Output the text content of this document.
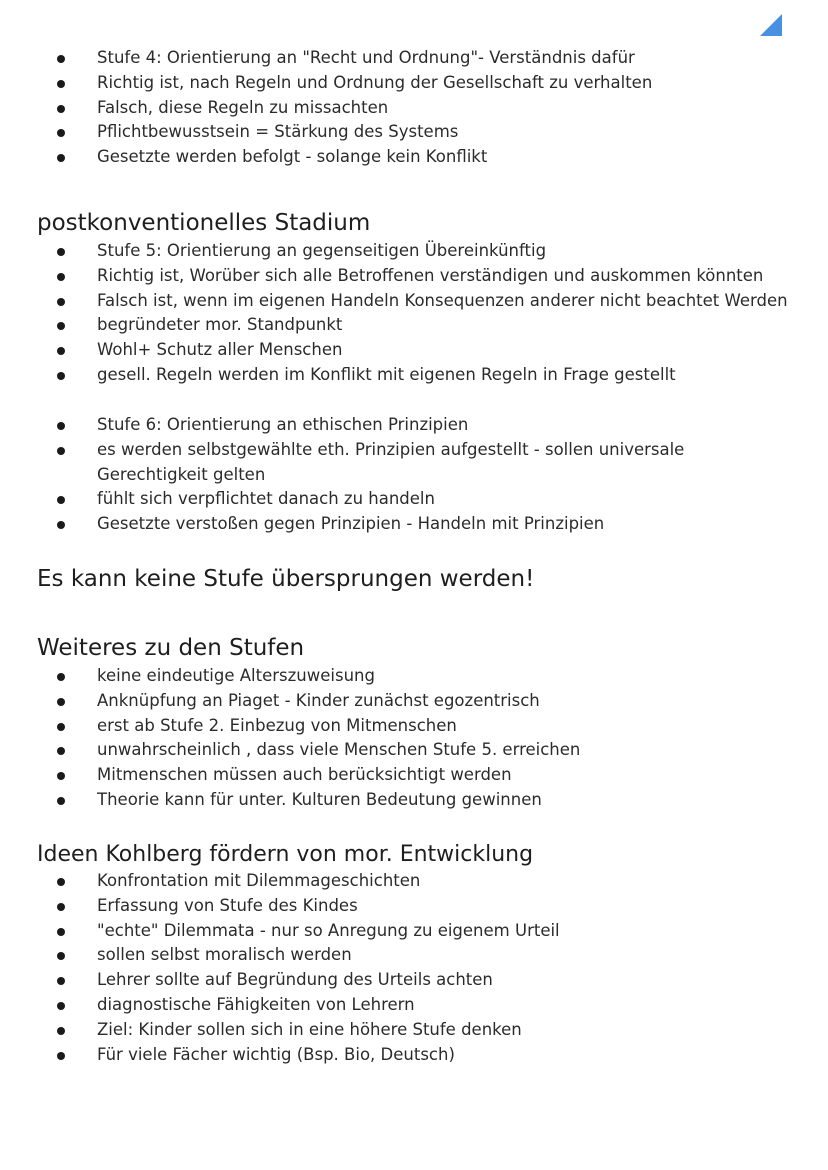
Stufe 4: Orientierung an "Recht und Ordnung"- Verständnis dafür
Richtig ist, nach Regeln und Ordnung der Gesellschaft zu verhalten
Falsch, diese Regeln zu missachten
Pflichtbewusstsein = Stärkung des Systems
Gesetzte werden befolgt - solange kein Konflikt
postkonventionelles Stadium
Stufe 5: Orientierung an gegenseitigen Übereinkünftig
Richtig ist, Worüber sich alle Betroffenen verständigen und auskommen könnten
Falsch ist, wenn im eigenen Handeln Konsequenzen anderer nicht beachtet Werden
begründeter mor. Standpunkt
Wohl+ Schutz aller Menschen
gesell. Regeln werden im Konflikt mit eigenen Regeln in Frage gestellt
Stufe 6: Orientierung an ethischen Prinzipien
es werden selbstgewählte eth. Prinzipien aufgestellt - sollen universale Gerechtigkeit gelten
fühlt sich verpflichtet danach zu handeln
Gesetzte verstoßen gegen Prinzipien - Handeln mit Prinzipien
Es kann keine Stufe übersprungen werden!
Weiteres zu den Stufen
keine eindeutige Alterszuweisung
Anknüpfung an Piaget - Kinder zunächst egozentrisch
erst ab Stufe 2. Einbezug von Mitmenschen
unwahrscheinlich , dass viele Menschen Stufe 5. erreichen
Mitmenschen müssen auch berücksichtigt werden
Theorie kann für unter. Kulturen Bedeutung gewinnen
Ideen Kohlberg fördern von mor. Entwicklung
Konfrontation mit Dilemmageschichten
Erfassung von Stufe des Kindes
"echte" Dilemmata - nur so Anregung zu eigenem Urteil
sollen selbst moralisch werden
Lehrer sollte auf Begründung des Urteils achten
diagnostische Fähigkeiten von Lehrern
Ziel: Kinder sollen sich in eine höhere Stufe denken
Für viele Fächer wichtig (Bsp. Bio, Deutsch)
